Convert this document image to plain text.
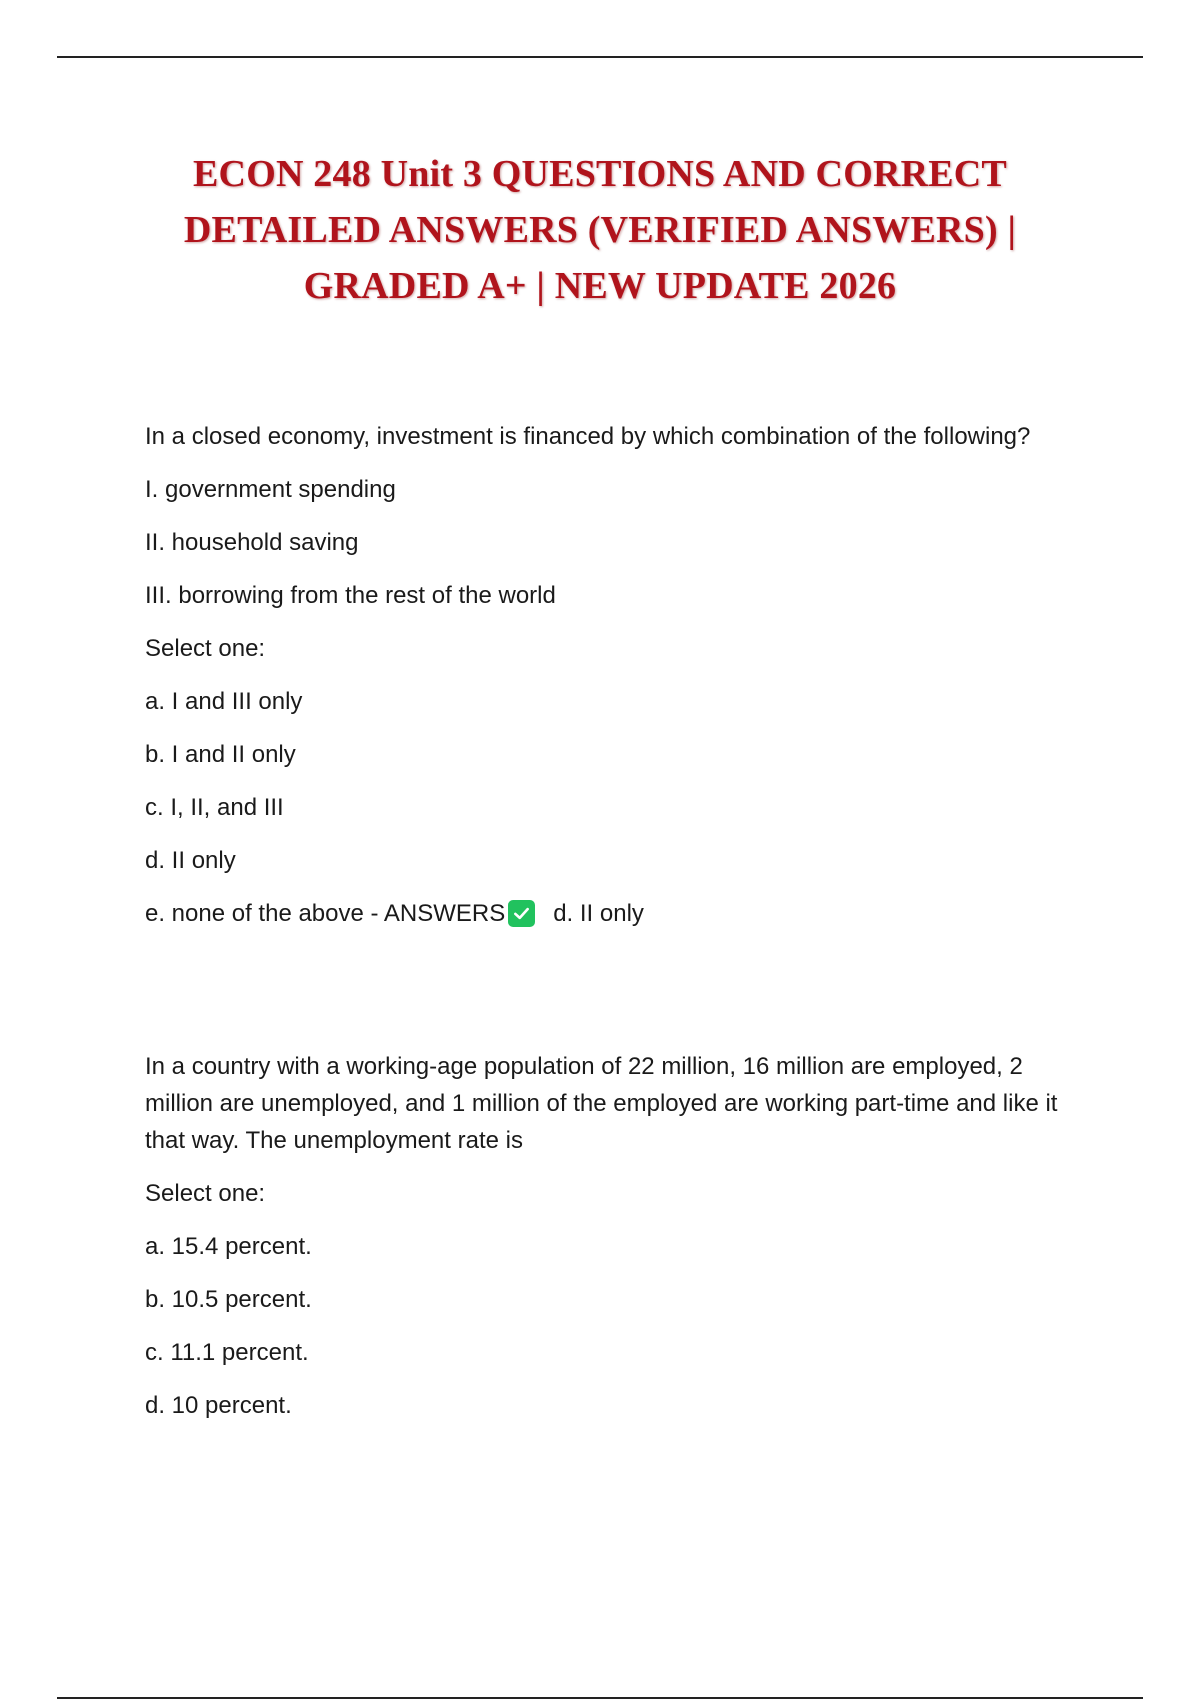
ECON 248 Unit 3 QUESTIONS AND CORRECT DETAILED ANSWERS (VERIFIED ANSWERS) | GRADED A+ | NEW UPDATE 2026

In a closed economy, investment is financed by which combination of the following?

I. government spending

II. household saving

III. borrowing from the rest of the world

Select one:

a. I and III only

b. I and II only

c. I, II, and III

d. II only

e. none of the above - ANSWERS d. II only

In a country with a working-age population of 22 million, 16 million are employed, 2 million are unemployed, and 1 million of the employed are working part-time and like it that way. The unemployment rate is

Select one:

a. 15.4 percent.

b. 10.5 percent.

c. 11.1 percent.

d. 10 percent.
